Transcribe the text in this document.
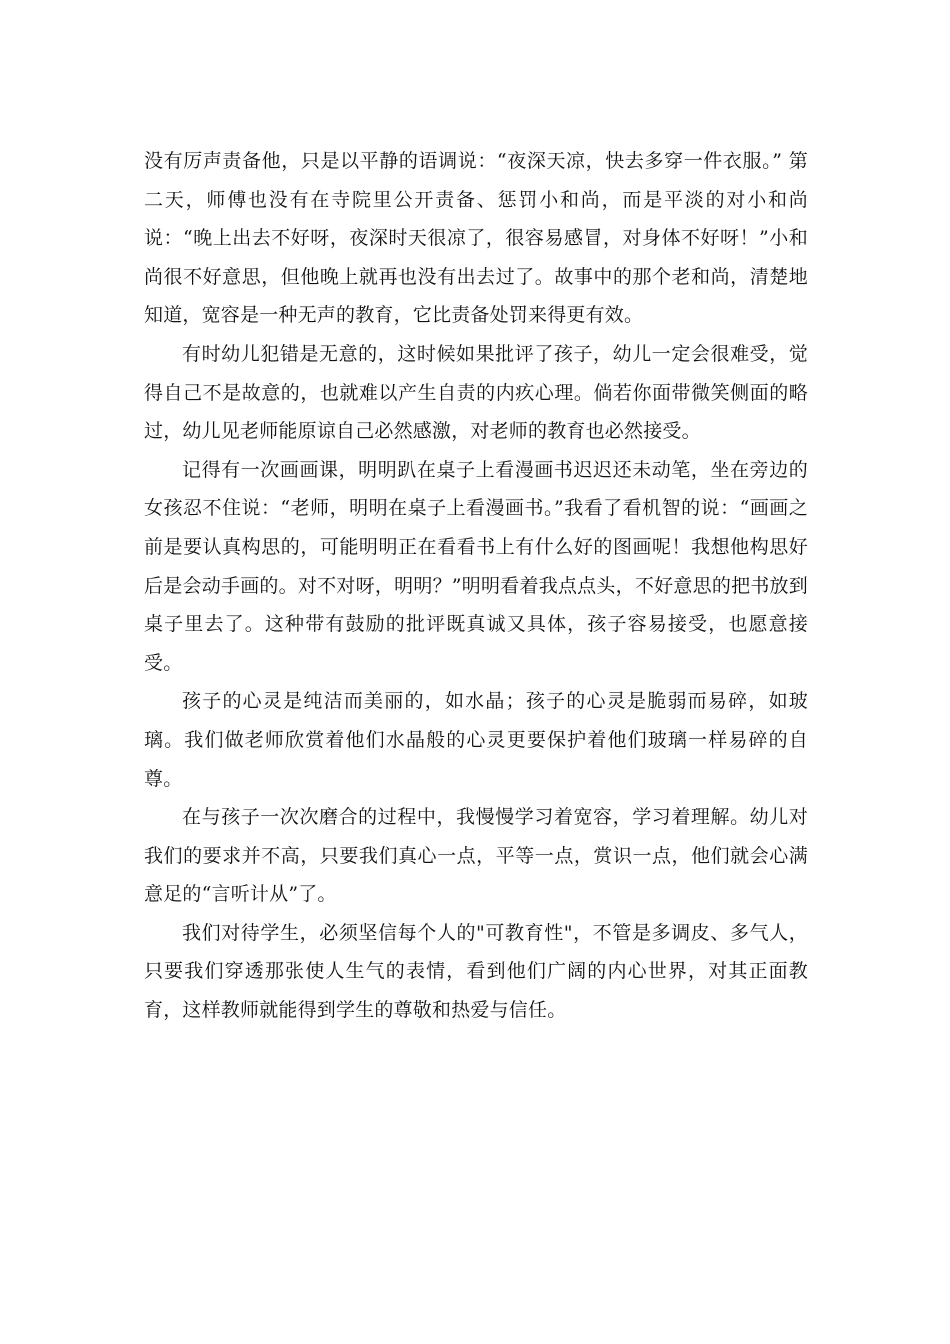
没有厉声责备他，只是以平静的语调说：“夜深天凉，快去多穿一件衣服。” 第二天，师傅也没有在寺院里公开责备、惩罚小和尚，而是平淡的对小和尚说：“晚上出去不好呀，夜深时天很凉了，很容易感冒，对身体不好呀！”小和尚很不好意思，但他晚上就再也没有出去过了。故事中的那个老和尚，清楚地知道，宽容是一种无声的教育，它比责备处罚来得更有效。

有时幼儿犯错是无意的，这时候如果批评了孩子，幼儿一定会很难受，觉得自己不是故意的，也就难以产生自责的内疚心理。倘若你面带微笑侧面的略过，幼儿见老师能原谅自己必然感激，对老师的教育也必然接受。

记得有一次画画课，明明趴在桌子上看漫画书迟迟还未动笔，坐在旁边的女孩忍不住说：“老师，明明在桌子上看漫画书。”我看了看机智的说：“画画之前是要认真构思的，可能明明正在看看书上有什么好的图画呢！我想他构思好后是会动手画的。对不对呀，明明？”明明看着我点点头，不好意思的把书放到桌子里去了。这种带有鼓励的批评既真诚又具体，孩子容易接受，也愿意接受。

孩子的心灵是纯洁而美丽的，如水晶；孩子的心灵是脆弱而易碎，如玻璃。我们做老师欣赏着他们水晶般的心灵更要保护着他们玻璃一样易碎的自尊。

在与孩子一次次磨合的过程中，我慢慢学习着宽容，学习着理解。幼儿对我们的要求并不高，只要我们真心一点，平等一点，赏识一点，他们就会心满意足的“言听计从”了。

我们对待学生，必须坚信每个人的"可教育性"，不管是多调皮、多气人，只要我们穿透那张使人生气的表情，看到他们广阔的内心世界，对其正面教育，这样教师就能得到学生的尊敬和热爱与信任。
